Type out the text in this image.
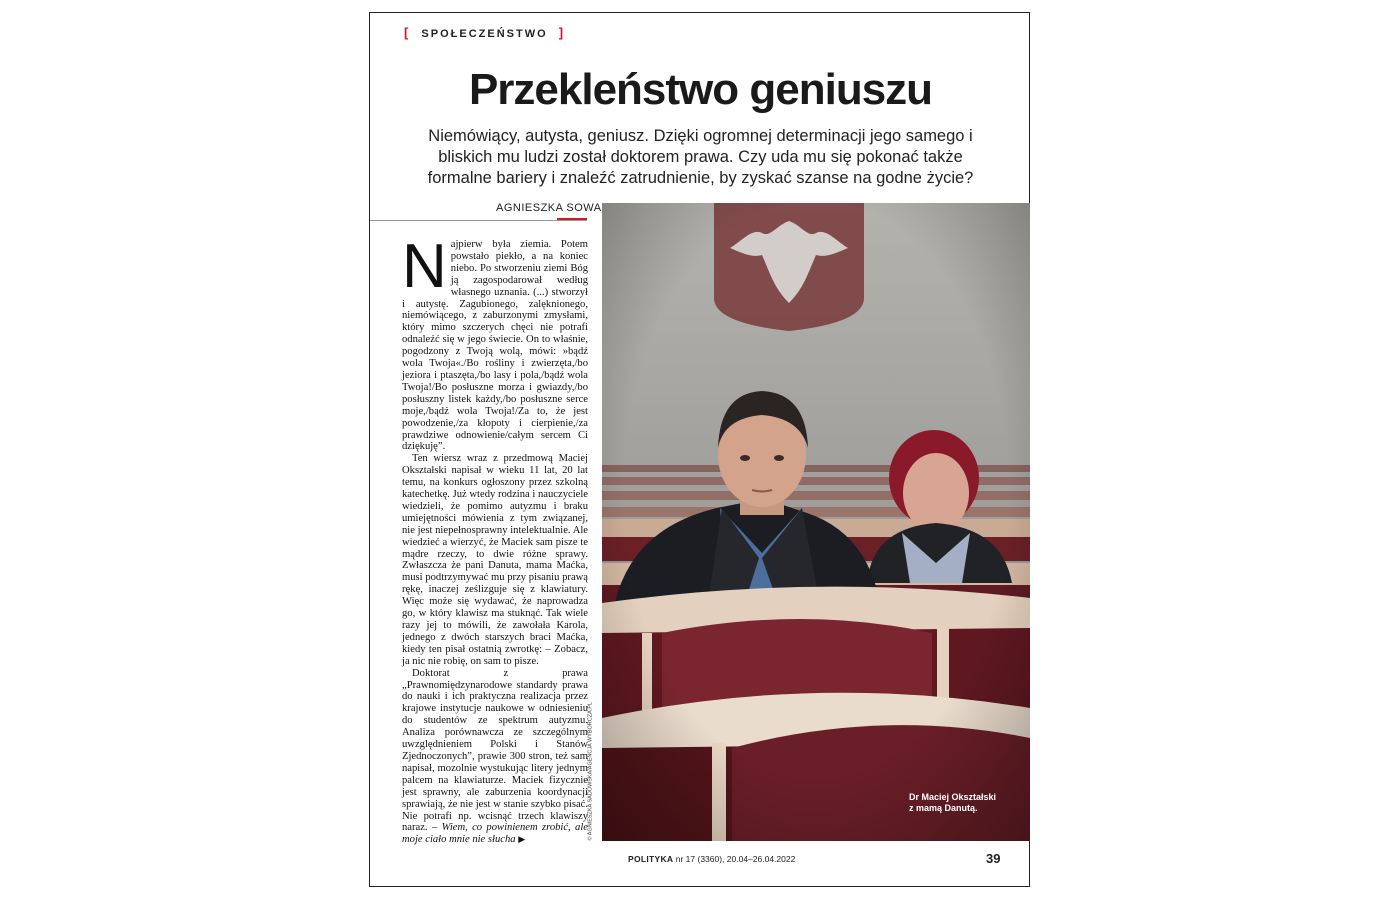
[ SPOŁECZEŃSTWO ]
Przekleństwo geniuszu
Niemówiący, autysta, geniusz. Dzięki ogromnej determinacji jego samego i bliskich mu ludzi został doktorem prawa. Czy uda mu się pokonać także formalne bariery i znaleźć zatrudnienie, by zyskać szanse na godne życie?
AGNIESZKA SOWA

Najpierw była ziemia. Potem powstało piekło, a na koniec niebo. Po stworzeniu ziemi Bóg ją zagospodarował według własnego uznania. (...) stworzył i autystę. Zagubionego, zalęknionego, niemówiącego, z zaburzonymi zmysłami, który mimo szczerych chęci nie potrafi odnaleźć się w jego świecie. On to właśnie, pogodzony z Twoją wolą, mówi: »bądź wola Twoja«./Bo rośliny i zwierzęta,/bo jeziora i ptaszęta,/bo lasy i pola,/bądź wola Twoja!/Bo posłuszne morza i gwiazdy,/bo posłuszny listek każdy,/bo posłuszne serce moje,/bądź wola Twoja!/Za to, że jest powodzenie,/za kłopoty i cierpienie,/za prawdziwe odnowienie/całym sercem Ci dziękuję”.

Ten wiersz wraz z przedmową Maciej Okształski napisał w wieku 11 lat, 20 lat temu, na konkurs ogłoszony przez szkolną katechetkę. Już wtedy rodzina i nauczyciele wiedzieli, że pomimo autyzmu i braku umiejętności mówienia z tym związanej, nie jest niepełnosprawny intelektualnie. Ale wiedzieć a wierzyć, że Maciek sam pisze te mądre rzeczy, to dwie różne sprawy. Zwłaszcza że pani Danuta, mama Maćka, musi podtrzymywać mu przy pisaniu prawą rękę, inaczej ześlizguje się z klawiatury. Więc może się wydawać, że naprowadza go, w który klawisz ma stuknąć. Tak wiele razy jej to mówili, że zawołała Karola, jednego z dwóch starszych braci Maćka, kiedy ten pisał ostatnią zwrotkę: – Zobacz, ja nic nie robię, on sam to pisze.

Doktorat z prawa „Prawnomiędzynarodowe standardy prawa do nauki i ich praktyczna realizacja przez krajowe instytucje naukowe w odniesieniu do studentów ze spektrum autyzmu. Analiza porównawcza ze szczególnym uwzględnieniem Polski i Stanów Zjednoczonych”, prawie 300 stron, też sam napisał, mozolnie wystukując litery jednym palcem na klawiaturze. Maciek fizycznie jest sprawny, ale zaburzenia koordynacji sprawiają, że nie jest w stanie szybko pisać. Nie potrafi np. wcisnąć trzech klawiszy naraz. – Wiem, co powinienem zrobić, ale moje ciało mnie nie słucha ▶	© AGNIESZKA SADOWSKA/AGENCJA WYBORCZA.PL	Dr Maciej Okształski
z mamą Danutą.
POLITYKA nr 17 (3360), 20.04–26.04.2022	39
